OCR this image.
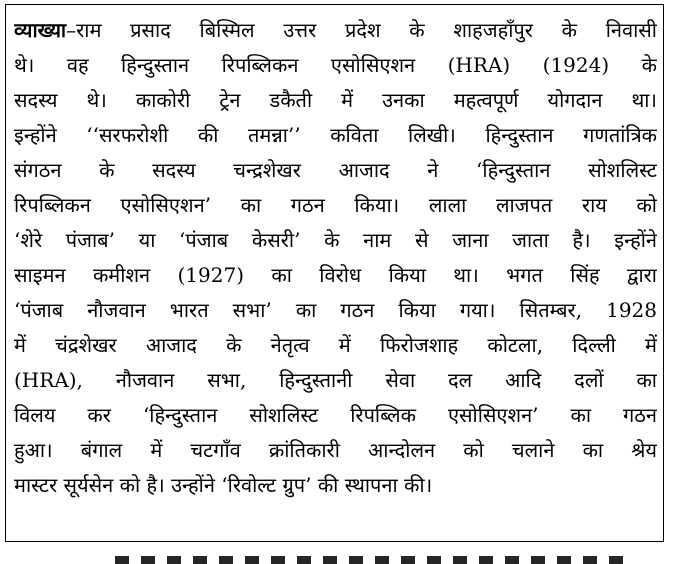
व्याख्या–राम प्रसाद बिस्मिल उत्तर प्रदेश के शाहजहाँपुर के निवासी
थे। वह हिन्दुस्तान रिपब्लिकन एसोसिएशन (HRA) (1924) के
सदस्य थे। काकोरी ट्रेन डकैती में उनका महत्वपूर्ण योगदान था।
इन्होंने ‘‘सरफरोशी की तमन्ना’’ कविता लिखी। हिन्दुस्तान गणतांत्रिक
संगठन के सदस्य चन्द्रशेखर आजाद ने ‘हिन्दुस्तान सोशलिस्ट
रिपब्लिकन एसोसिएशन’ का गठन किया। लाला लाजपत राय को
‘शेरे पंजाब’ या ‘पंजाब केसरी’ के नाम से जाना जाता है। इन्होंने
साइमन कमीशन (1927) का विरोध किया था। भगत सिंह द्वारा
‘पंजाब नौजवान भारत सभा’ का गठन किया गया। सितम्बर, 1928
में चंद्रशेखर आजाद के नेतृत्व में फिरोजशाह कोटला, दिल्ली में
(HRA), नौजवान सभा, हिन्दुस्तानी सेवा दल आदि दलों का
विलय कर ‘हिन्दुस्तान सोशलिस्ट रिपब्लिक एसोसिएशन’ का गठन
हुआ। बंगाल में चटगाँव क्रांतिकारी आन्दोलन को चलाने का श्रेय
मास्टर सूर्यसेन को है। उन्होंने ‘रिवोल्ट ग्रुप’ की स्थापना की।
